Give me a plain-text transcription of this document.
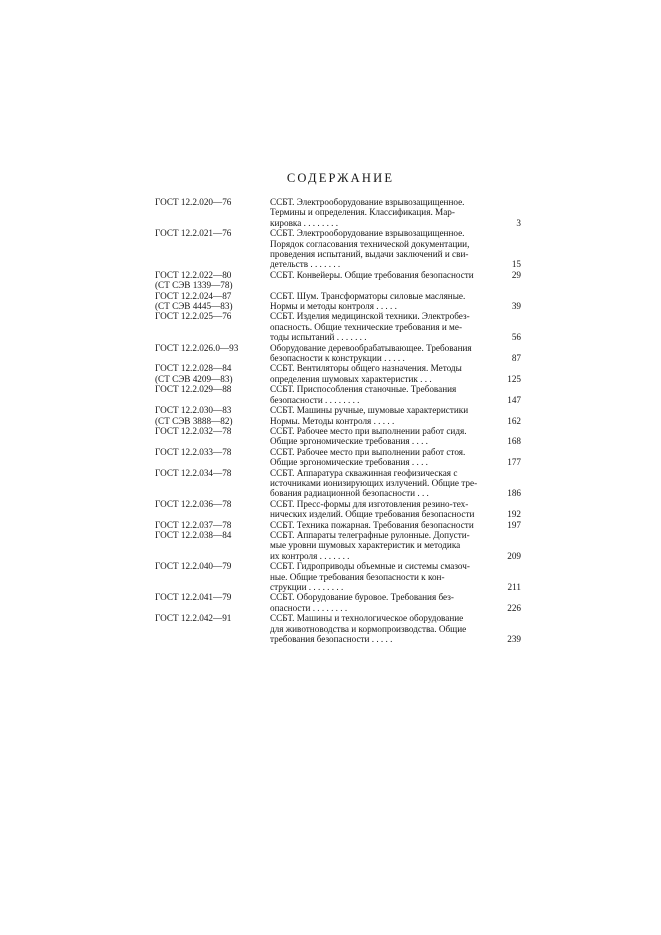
СОДЕРЖАНИЕ
ГОСТ 12.2.020—76	ССБТ. Электрооборудование взрывозащищенное.
Термины и определения. Классификация. Мар-
кировка . . . . . . . .	3
ГОСТ 12.2.021—76	ССБТ. Электрооборудование взрывозащищенное.
Порядок согласования технической документации,
проведения испытаний, выдачи заключений и сви-
детельств . . . . . . .	15
ГОСТ 12.2.022—80
(СТ СЭВ 1339—78)
ССБТ. Конвейеры. Общие требования безопасности	29
ГОСТ 12.2.024—87
(СТ СЭВ 4445—83)
ССБТ. Шум. Трансформаторы силовые масляные.
Нормы и методы контроля . . . . .	39
ГОСТ 12.2.025—76	ССБТ. Изделия медицинской техники. Электробез-
опасность. Общие технические требования и ме-
тоды испытаний . . . . . . .	56
ГОСТ 12.2.026.0—93	Оборудование деревообрабатывающее. Требования
безопасности к конструкции . . . . .	87
ГОСТ 12.2.028—84
(СТ СЭВ 4209—83)
ССБТ. Вентиляторы общего назначения. Методы
определения шумовых характеристик . . .	125
ГОСТ 12.2.029—88	ССБТ. Приспособления станочные. Требования
безопасности . . . . . . . .	147
ГОСТ 12.2.030—83
(СТ СЭВ 3888—82)
ССБТ. Машины ручные, шумовые характеристики
Нормы. Методы контроля . . . . .	162
ГОСТ 12.2.032—78	ССБТ. Рабочее место при выполнении работ сидя.
Общие эргономические требования . . . .	168
ГОСТ 12.2.033—78	ССБТ. Рабочее место при выполнении работ стоя.
Общие эргономические требования . . . .	177
ГОСТ 12.2.034—78	ССБТ. Аппаратура скважинная геофизическая с
источниками ионизирующих излучений. Общие тре-
бования радиационной безопасности . . .	186
ГОСТ 12.2.036—78	ССБТ. Пресс-формы для изготовления резино-тех-
нических изделий. Общие требования безопасности	192
ГОСТ 12.2.037—78	ССБТ. Техника пожарная. Требования безопасности	197
ГОСТ 12.2.038—84	ССБТ. Аппараты телеграфные рулонные. Допусти-
мые уровни шумовых характеристик и методика
их контроля . . . . . . .	209
ГОСТ 12.2.040—79	ССБТ. Гидроприводы объемные и системы смазоч-
ные. Общие требования безопасности к кон-
струкции . . . . . . . .	211
ГОСТ 12.2.041—79	ССБТ. Оборудование буровое. Требования без-
опасности . . . . . . . .	226
ГОСТ 12.2.042—91	ССБТ. Машины и технологическое оборудование
для животноводства и кормопроизводства. Общие
требования безопасности . . . . .	239
